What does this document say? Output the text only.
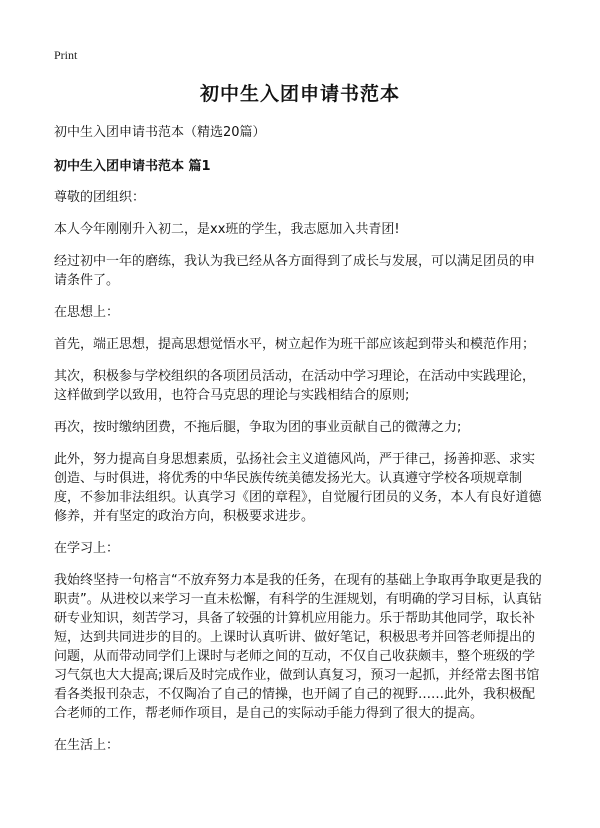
Print
初中生入团申请书范本

初中生入团申请书范本（精选20篇）

初中生入团申请书范本 篇1

尊敬的团组织：

本人今年刚刚升入初二，是xx班的学生，我志愿加入共青团!

经过初中一年的磨练，我认为我已经从各方面得到了成长与发展，可以满足团员的申请条件了。

在思想上：

首先，端正思想，提高思想觉悟水平，树立起作为班干部应该起到带头和模范作用；

其次，积极参与学校组织的各项团员活动，在活动中学习理论，在活动中实践理论，这样做到学以致用，也符合马克思的理论与实践相结合的原则;

再次，按时缴纳团费，不拖后腿，争取为团的事业贡献自己的微薄之力;

此外，努力提高自身思想素质，弘扬社会主义道德风尚，严于律己，扬善抑恶、求实创造、与时俱进，将优秀的中华民族传统美德发扬光大。认真遵守学校各项规章制度，不参加非法组织。认真学习《团的章程》，自觉履行团员的义务，本人有良好道德修养，并有坚定的政治方向，积极要求进步。

在学习上：

我始终坚持一句格言“不放弃努力本是我的任务，在现有的基础上争取再争取更是我的职责”。从进校以来学习一直未松懈，有科学的生涯规划，有明确的学习目标，认真钻研专业知识，刻苦学习，具备了较强的计算机应用能力。乐于帮助其他同学，取长补短，达到共同进步的目的。上课时认真听讲、做好笔记，积极思考并回答老师提出的问题，从而带动同学们上课时与老师之间的互动，不仅自己收获颇丰，整个班级的学习气氛也大大提高;课后及时完成作业，做到认真复习，预习一起抓，并经常去图书馆看各类报刊杂志，不仅陶冶了自己的情操，也开阔了自己的视野……此外，我积极配合老师的工作，帮老师作项目，是自己的实际动手能力得到了很大的提高。

在生活上：
